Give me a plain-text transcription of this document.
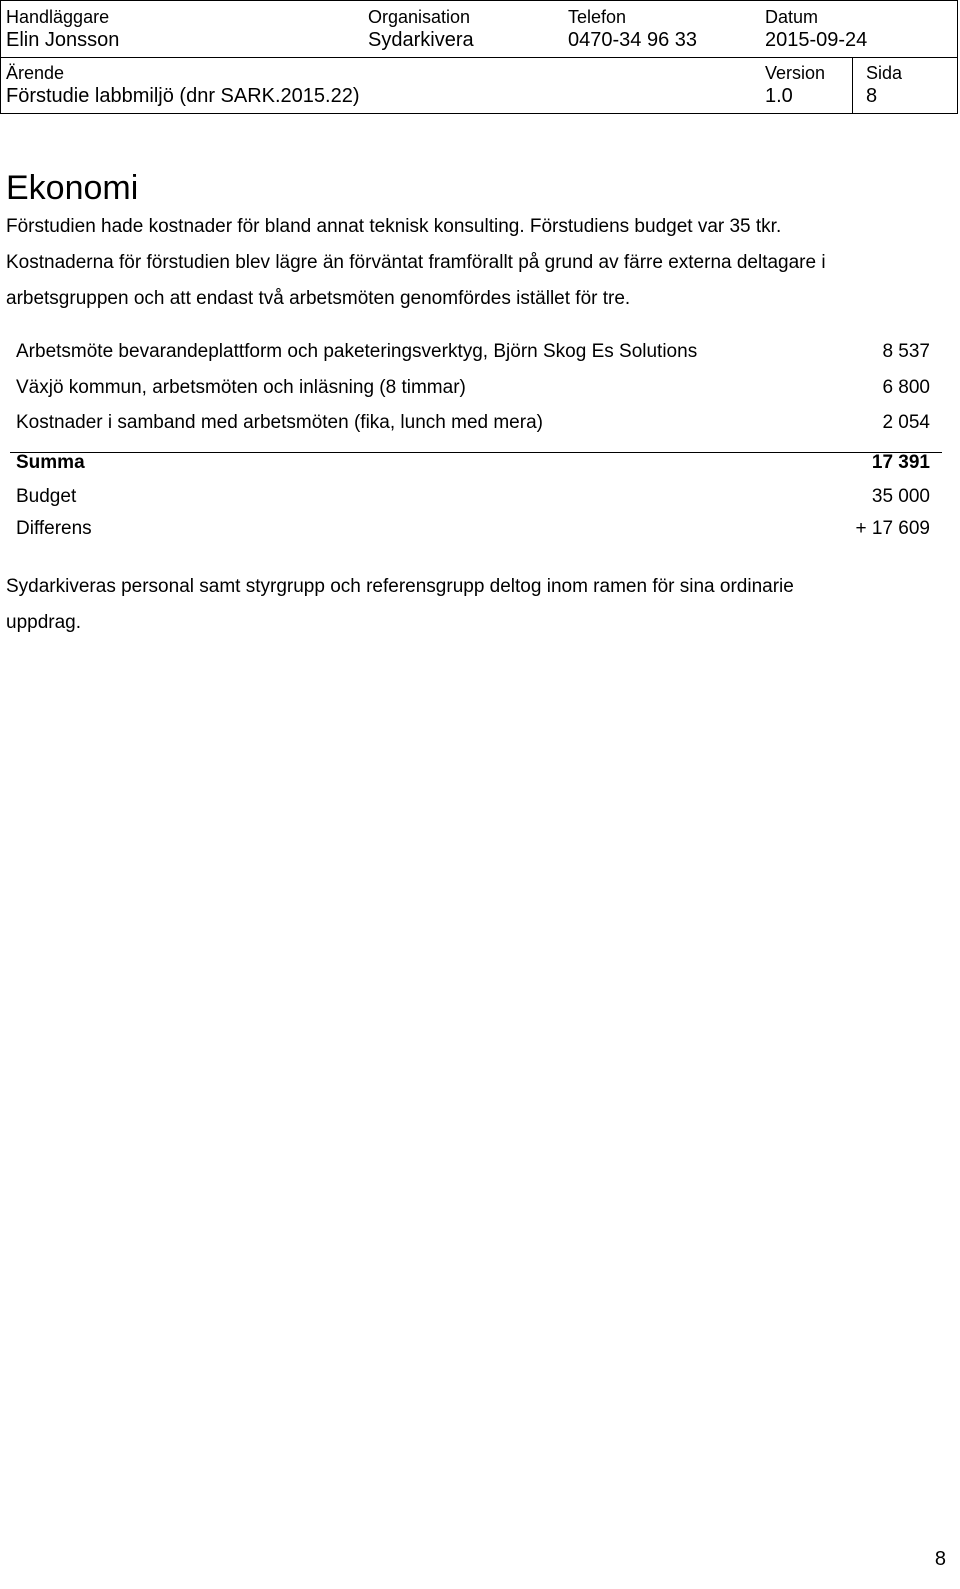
Handläggare
Elin Jonsson
Organisation
Sydarkivera
Telefon
0470-34 96 33
Datum
2015-09-24
Ärende
Förstudie labbmiljö (dnr SARK.2015.22)
Version
1.0
Sida
8
Ekonomi
Förstudien hade kostnader för bland annat teknisk konsulting. Förstudiens budget var 35 tkr.
Kostnaderna för förstudien blev lägre än förväntat framförallt på grund av färre externa deltagare i
arbetsgruppen och att endast två arbetsmöten genomfördes istället för tre.
Arbetsmöte bevarandeplattform och paketeringsverktyg, Björn Skog Es Solutions	8 537
Växjö kommun, arbetsmöten och inläsning (8 timmar)	6 800
Kostnader i samband med arbetsmöten (fika, lunch med mera)	2 054
Summa	17 391
Budget	35 000
Differens	+ 17 609
Sydarkiveras personal samt styrgrupp och referensgrupp deltog inom ramen för sina ordinarie
uppdrag.
8
